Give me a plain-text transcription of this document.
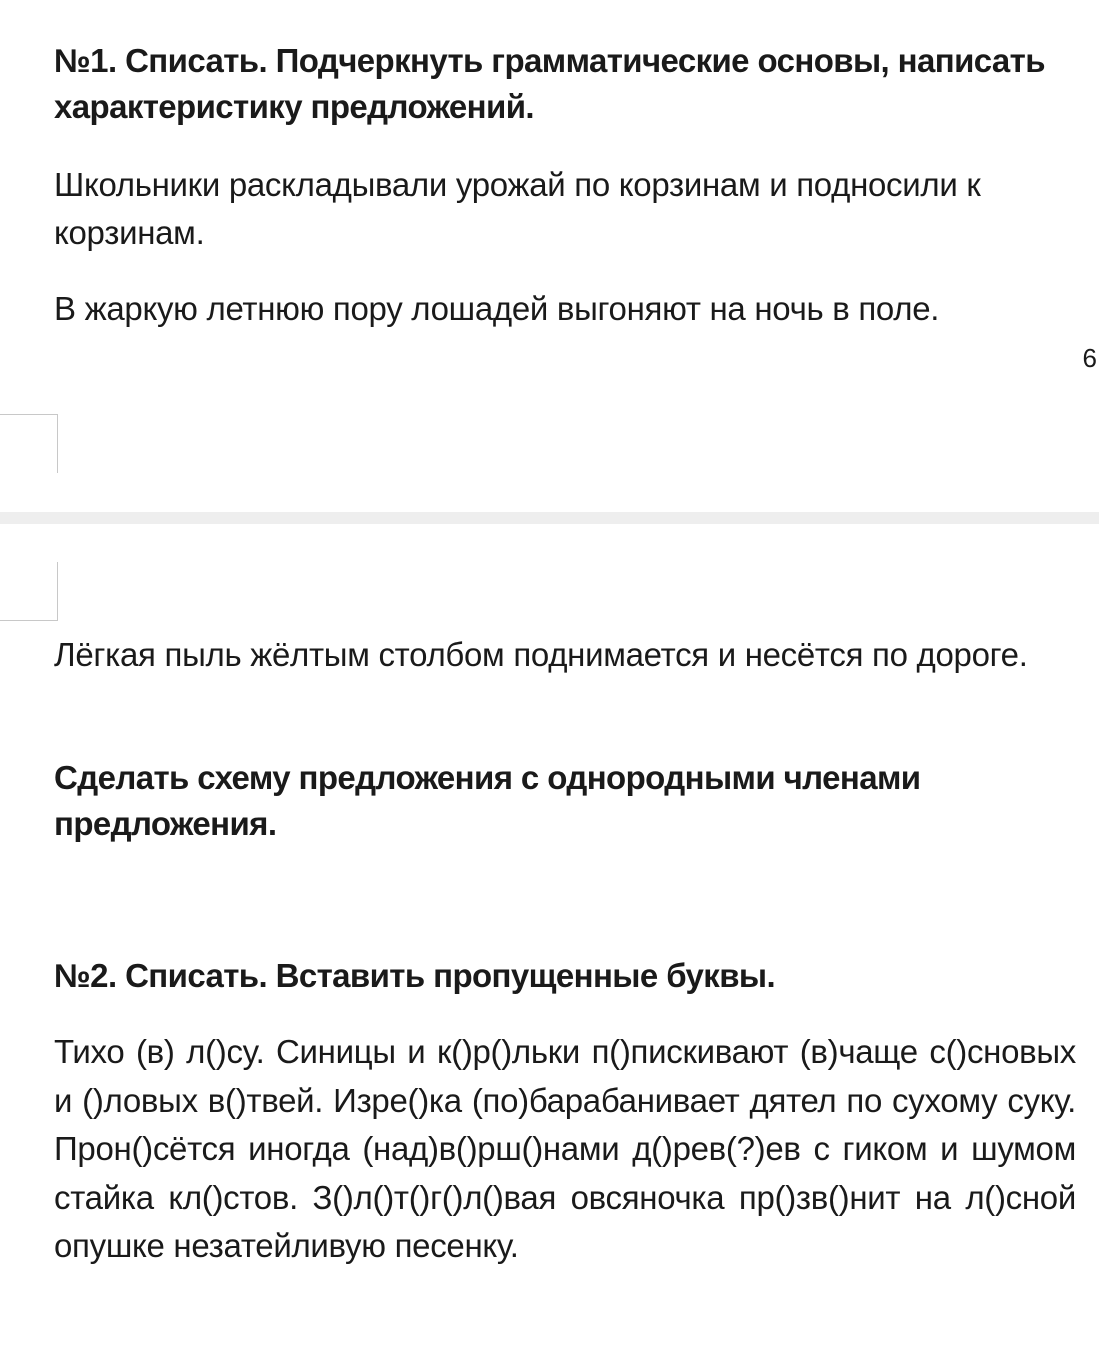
№1. Списать. Подчеркнуть грамматические основы, написать характеристику предложений.

Школьники раскладывали урожай по корзинам и подносили к корзинам.

В жаркую летнюю пору лошадей выгоняют на ночь в поле.

6

Лёгкая пыль жёлтым столбом поднимается и несётся по дороге.

Сделать схему предложения с однородными членами предложения.

№2. Списать. Вставить пропущенные буквы.

Тихо (в) л()су. Синицы и к()р()льки п()пискивают (в)чаще с()сновых и ()ловых в()твей. Изре()ка (по)барабанивает дятел по сухому суку. Прон()сётся иногда (над)в()рш()нами д()рев(?)ев с гиком и шумом стайка кл()стов. З()л()т()г()л()вая овсяночка пр()зв()нит на л()сной опушке незатейливую песенку.
